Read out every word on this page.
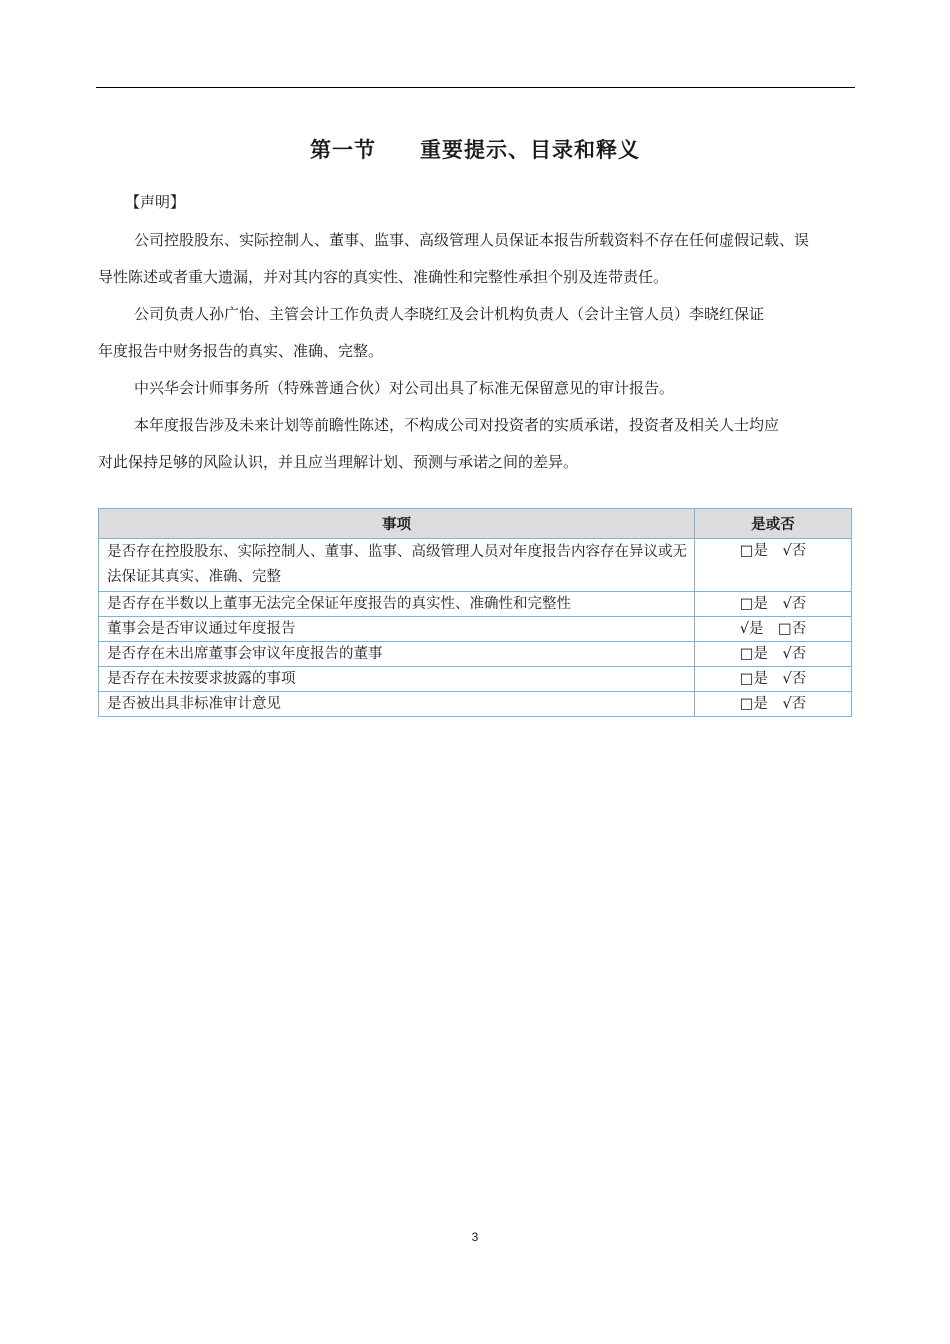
第一节　　重要提示、目录和释义
【声明】
公司控股股东、实际控制人、董事、监事、高级管理人员保证本报告所载资料不存在任何虚假记载、误
导性陈述或者重大遗漏，并对其内容的真实性、准确性和完整性承担个别及连带责任。
公司负责人孙广怡、主管会计工作负责人李晓红及会计机构负责人（会计主管人员）李晓红保证
年度报告中财务报告的真实、准确、完整。
中兴华会计师事务所（特殊普通合伙）对公司出具了标准无保留意见的审计报告。
本年度报告涉及未来计划等前瞻性陈述，不构成公司对投资者的实质承诺，投资者及相关人士均应
对此保持足够的风险认识，并且应当理解计划、预测与承诺之间的差异。
事项	是或否
是否存在控股股东、实际控制人、董事、监事、高级管理人员对年度报告内容存在异议或无法保证其真实、准确、完整	□是　√否
是否存在半数以上董事无法完全保证年度报告的真实性、准确性和完整性	□是　√否
董事会是否审议通过年度报告	√是　□否
是否存在未出席董事会审议年度报告的董事	□是　√否
是否存在未按要求披露的事项	□是　√否
是否被出具非标准审计意见	□是　√否
3
